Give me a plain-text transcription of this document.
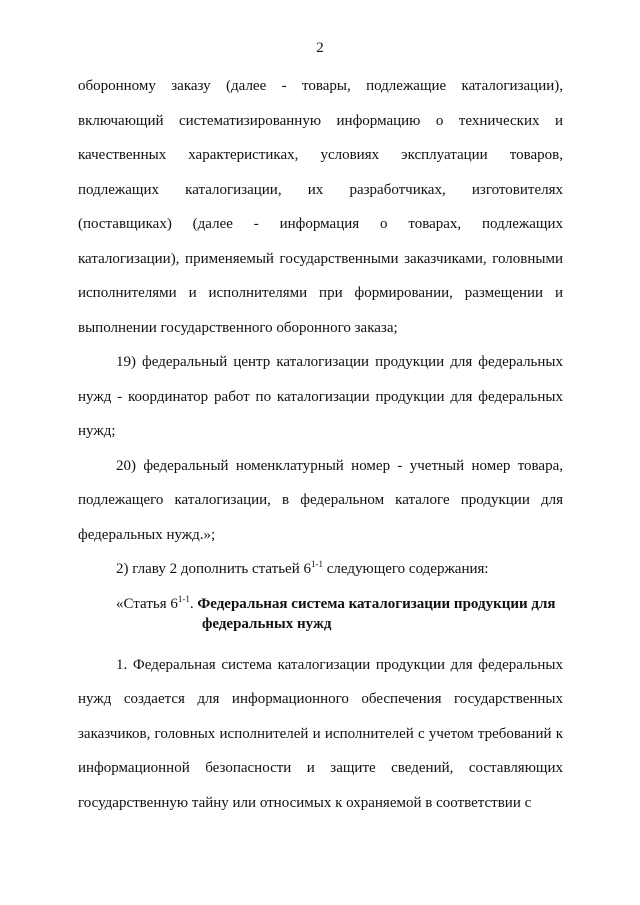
2

оборонному заказу (далее - товары, подлежащие каталогизации), включающий систематизированную информацию о технических и качественных характеристиках, условиях эксплуатации товаров, подлежащих каталогизации, их разработчиках, изготовителях (поставщиках) (далее - информация о товарах, подлежащих каталогизации), применяемый государственными заказчиками, головными исполнителями и исполнителями при формировании, размещении и выполнении государственного оборонного заказа;

19) федеральный центр каталогизации продукции для федеральных нужд - координатор работ по каталогизации продукции для федеральных нужд;

20) федеральный номенклатурный номер - учетный номер товара, подлежащего каталогизации, в федеральном каталоге продукции для федеральных нужд.»;

2) главу 2 дополнить статьей 6$^{1-1}$ следующего содержания:

«Статья 6$^{1-1}$. Федеральная система каталогизации продукции для
федеральных нужд

1. Федеральная система каталогизации продукции для федеральных нужд создается для информационного обеспечения государственных заказчиков, головных исполнителей и исполнителей с учетом требований к информационной безопасности и защите сведений, составляющих государственную тайну или относимых к охраняемой в соответствии с
